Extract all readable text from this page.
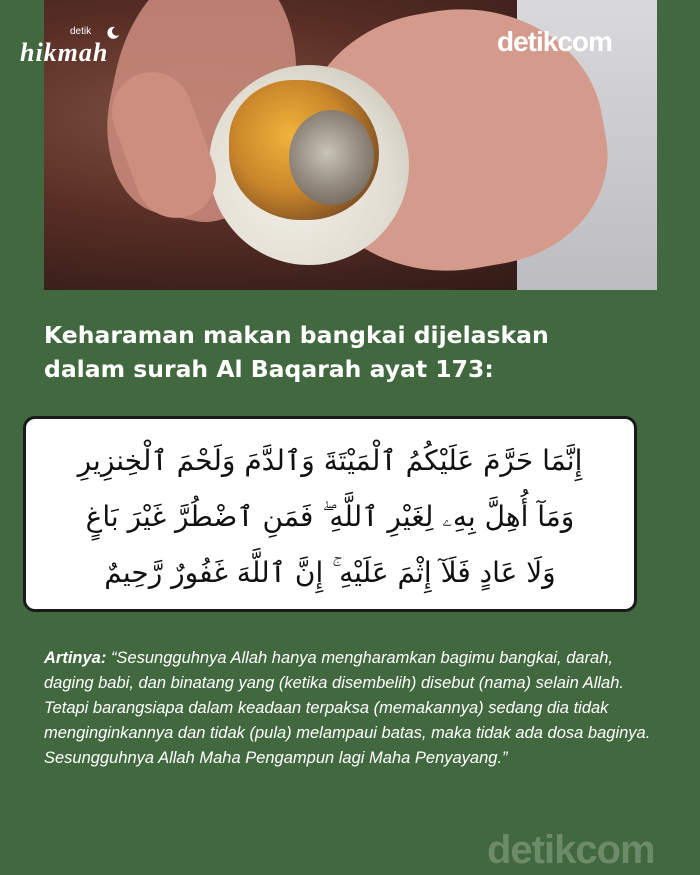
detik
hikmah	detikcom
Keharaman makan bangkai dijelaskan
dalam surah Al Baqarah ayat 173:
إِنَّمَا حَرَّمَ عَلَيْكُمُ ٱلْمَيْتَةَ وَٱلدَّمَ وَلَحْمَ ٱلْخِنزِيرِ
وَمَآ أُهِلَّ بِهِۦ لِغَيْرِ ٱللَّهِ ۖ فَمَنِ ٱضْطُرَّ غَيْرَ بَاغٍ
وَلَا عَادٍ فَلَآ إِثْمَ عَلَيْهِ ۚ إِنَّ ٱللَّهَ غَفُورٌ رَّحِيمٌ
Artinya: “Sesungguhnya Allah hanya mengharamkan bagimu bangkai, darah, daging babi, dan binatang yang (ketika disembelih) disebut (nama) selain Allah. Tetapi barangsiapa dalam keadaan terpaksa (memakannya) sedang dia tidak menginginkannya dan tidak (pula) melampaui batas, maka tidak ada dosa baginya. Sesungguhnya Allah Maha Pengampun lagi Maha Penyayang.”
detikcom
